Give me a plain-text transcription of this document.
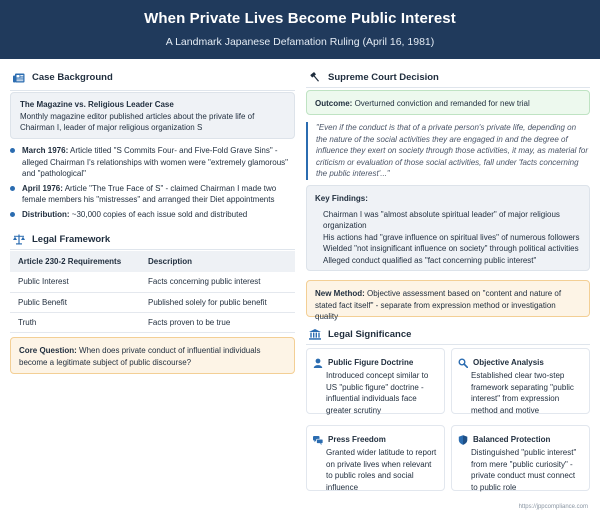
When Private Lives Become Public Interest
A Landmark Japanese Defamation Ruling (April 16, 1981)
Case Background
The Magazine vs. Religious Leader Case
Monthly magazine editor published articles about the private life of Chairman I, leader of major religious organization S
March 1976: Article titled "S Commits Four- and Five-Fold Grave Sins" - alleged Chairman I's relationships with women were "extremely glamorous" and "pathological"
April 1976: Article "The True Face of S" - claimed Chairman I made two female members his "mistresses" and arranged their Diet appointments
Distribution: ~30,000 copies of each issue sold and distributed
Legal Framework
Article 230-2 Requirements	Description
Public Interest	Facts concerning public interest
Public Benefit	Published solely for public benefit
Truth	Facts proven to be true
Core Question: When does private conduct of influential individuals become a legitimate subject of public discourse?
Supreme Court Decision
Outcome: Overturned conviction and remanded for new trial
"Even if the conduct is that of a private person's private life, depending on the nature of the social activities they are engaged in and the degree of influence they exert on society through those activities, it may, as material for criticism or evaluation of those social activities, fall under 'facts concerning the public interest'..."
Key Findings:
Chairman I was "almost absolute spiritual leader" of major religious organization
His actions had "grave influence on spiritual lives" of numerous followers
Wielded "not insignificant influence on society" through political activities
Alleged conduct qualified as "fact concerning public interest"
New Method: Objective assessment based on "content and nature of stated fact itself" - separate from expression method or investigation quality
Legal Significance
Public Figure Doctrine
Introduced concept similar to US "public figure" doctrine - influential individuals face greater scrutiny
Objective Analysis
Established clear two-step framework separating "public interest" from expression method and motive
Press Freedom
Granted wider latitude to report on private lives when relevant to public roles and social influence
Balanced Protection
Distinguished "public interest" from mere "public curiosity" - private conduct must connect to public role
https://jppcompliance.com
